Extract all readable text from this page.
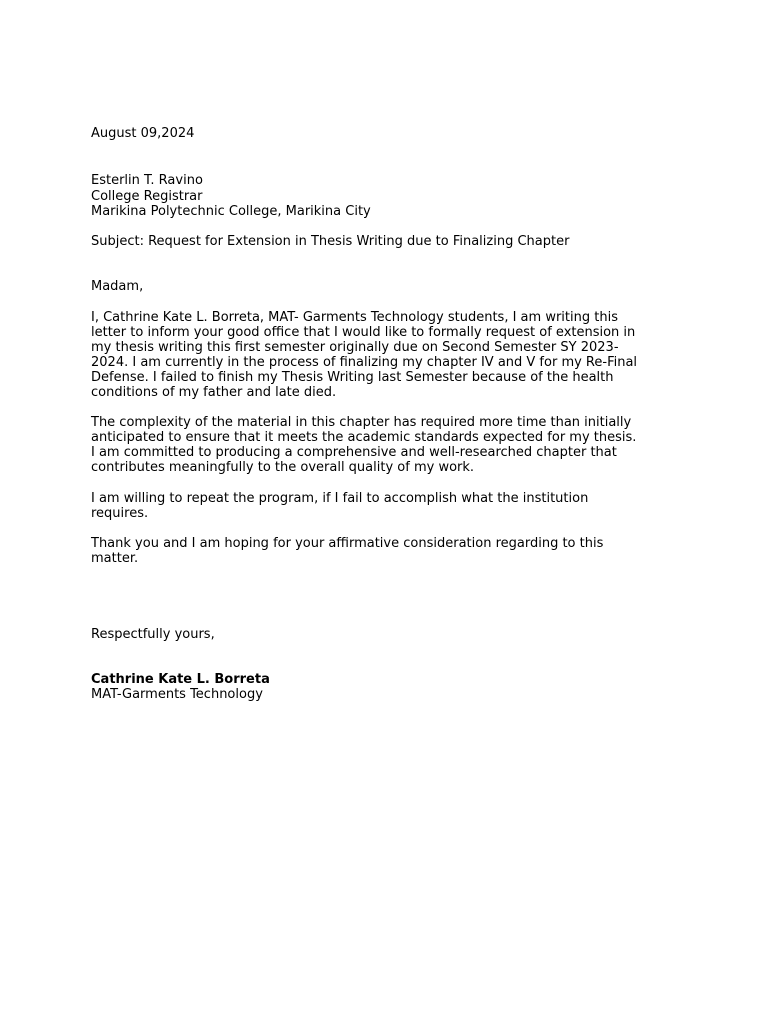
August 09,2024

Esterlin T. Ravino

College Registrar

Marikina Polytechnic College, Marikina City

Subject: Request for Extension in Thesis Writing due to Finalizing Chapter

Madam,

I, Cathrine Kate L. Borreta, MAT- Garments Technology students, I am writing this

letter to inform your good office that I would like to formally request of extension in

my thesis writing this first semester originally due on Second Semester SY 2023-

2024. I am currently in the process of finalizing my chapter IV and V for my Re-Final

Defense. I failed to finish my Thesis Writing last Semester because of the health

conditions of my father and late died.

The complexity of the material in this chapter has required more time than initially

anticipated to ensure that it meets the academic standards expected for my thesis.

I am committed to producing a comprehensive and well-researched chapter that

contributes meaningfully to the overall quality of my work.

I am willing to repeat the program, if I fail to accomplish what the institution

requires.

Thank you and I am hoping for your affirmative consideration regarding to this

matter.

Respectfully yours,

Cathrine Kate L. Borreta

MAT-Garments Technology
